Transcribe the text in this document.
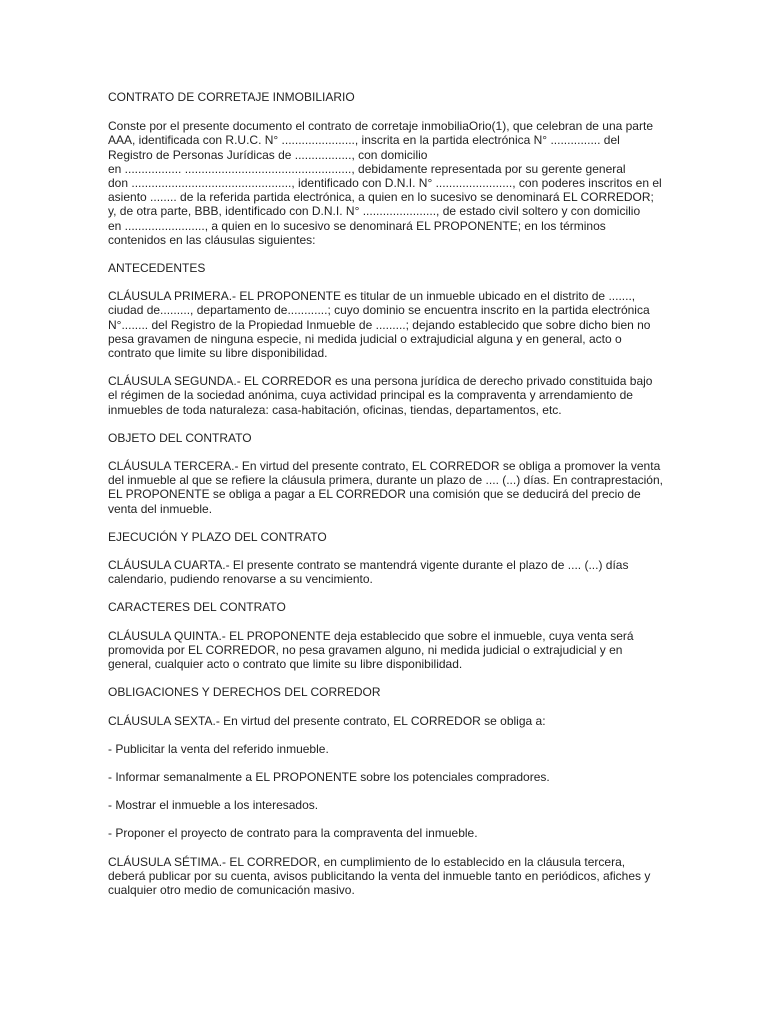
CONTRATO DE CORRETAJE INMOBILIARIO
Conste por el presente documento el contrato de corretaje inmobiliaOrio(1), que celebran de una parte
AAA, identificada con R.U.C. N° ......................, inscrita en la partida electrónica N° ............... del
Registro de Personas Jurídicas de ................., con domicilio
en ................. .................................................., debidamente representada por su gerente general
don ................................................, identificado con D.N.I. N° ......................., con poderes inscritos en el
asiento ........ de la referida partida electrónica, a quien en lo sucesivo se denominará EL CORREDOR;
y, de otra parte, BBB, identificado con D.N.I. N° ......................, de estado civil soltero y con domicilio
en ........................, a quien en lo sucesivo se denominará EL PROPONENTE; en los términos
contenidos en las cláusulas siguientes:
ANTECEDENTES
CLÁUSULA PRIMERA.- EL PROPONENTE es titular de un inmueble ubicado en el distrito de .......,
ciudad de........., departamento de............; cuyo dominio se encuentra inscrito en la partida electrónica
N°........ del Registro de la Propiedad Inmueble de .........; dejando establecido que sobre dicho bien no
pesa gravamen de ninguna especie, ni medida judicial o extrajudicial alguna y en general, acto o
contrato que limite su libre disponibilidad.
CLÁUSULA SEGUNDA.- EL CORREDOR es una persona jurídica de derecho privado constituida bajo
el régimen de la sociedad anónima, cuya actividad principal es la compraventa y arrendamiento de
inmuebles de toda naturaleza: casa-habitación, oficinas, tiendas, departamentos, etc.
OBJETO DEL CONTRATO
CLÁUSULA TERCERA.- En virtud del presente contrato, EL CORREDOR se obliga a promover la venta
del inmueble al que se refiere la cláusula primera, durante un plazo de .... (...) días. En contraprestación,
EL PROPONENTE se obliga a pagar a EL CORREDOR una comisión que se deducirá del precio de
venta del inmueble.
EJECUCIÓN Y PLAZO DEL CONTRATO
CLÁUSULA CUARTA.- El presente contrato se mantendrá vigente durante el plazo de .... (...) días
calendario, pudiendo renovarse a su vencimiento.
CARACTERES DEL CONTRATO
CLÁUSULA QUINTA.- EL PROPONENTE deja establecido que sobre el inmueble, cuya venta será
promovida por EL CORREDOR, no pesa gravamen alguno, ni medida judicial o extrajudicial y en
general, cualquier acto o contrato que limite su libre disponibilidad.
OBLIGACIONES Y DERECHOS DEL CORREDOR
CLÁUSULA SEXTA.- En virtud del presente contrato, EL CORREDOR se obliga a:
- Publicitar la venta del referido inmueble.
- Informar semanalmente a EL PROPONENTE sobre los potenciales compradores.
- Mostrar el inmueble a los interesados.
- Proponer el proyecto de contrato para la compraventa del inmueble.
CLÁUSULA SÉTIMA.- EL CORREDOR, en cumplimiento de lo establecido en la cláusula tercera,
deberá publicar por su cuenta, avisos publicitando la venta del inmueble tanto en periódicos, afiches y
cualquier otro medio de comunicación masivo.
